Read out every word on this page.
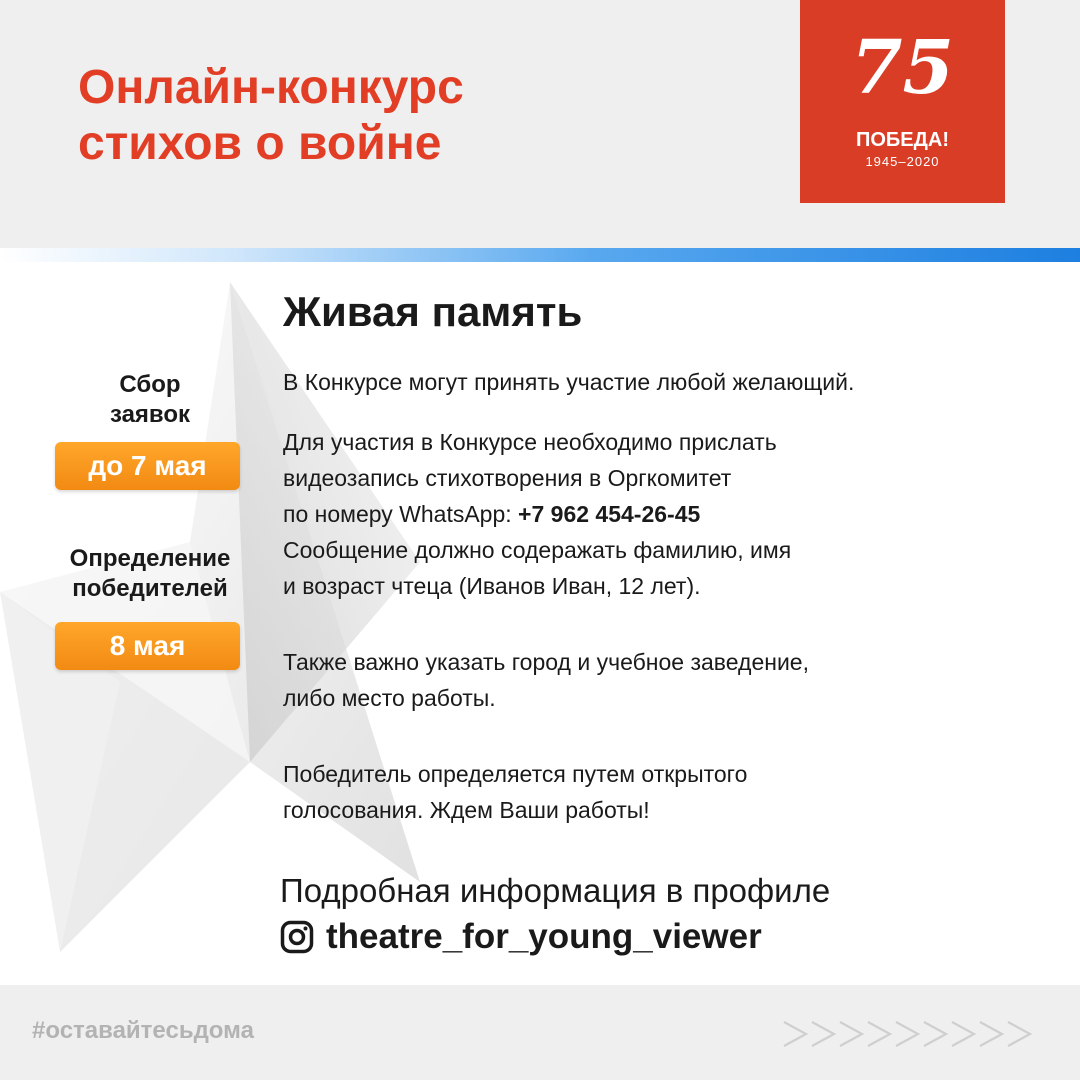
Онлайн-конкурс
стихов о войне
75
ПОБЕДА!
1945–2020
Сбор
заявок
до 7 мая
Определение
победителей
8 мая
Живая память

В Конкурсе могут принять участие любой желающий.

Для участия в Конкурсе необходимо прислать
видеозапись стихотворения в Оргкомитет
по номеру WhatsApp: +7 962 454-26-45
Сообщение должно содеражать фамилию, имя
и возраст чтеца (Иванов Иван, 12 лет).

Также важно указать город и учебное заведение,
либо место работы.

Победитель определяется путем открытого
голосования. Ждем Ваши работы!

Подробная информация в профиле

theatre_for_young_viewer
#оставайтесьдома
